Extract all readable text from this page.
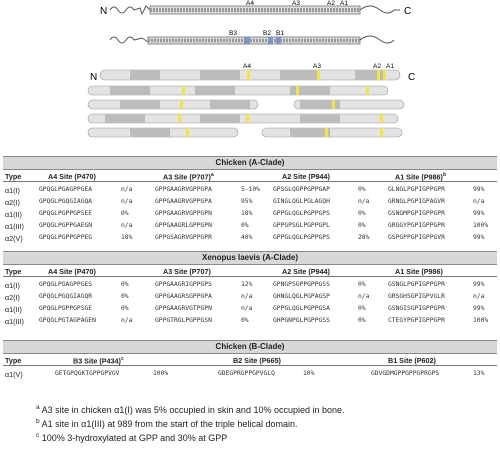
N	C
A4	A3	A2 A1
B3	B2 B1
N	C
A4	A3	A2 A1
Chicken (A-Clade)
Type	A4 Site (P470)	A3 Site $(P707)^a$	A2 Site (P944)	A1 Site $(P986)^b$
α1(I)	GPQGLPGAGPPGEA	n/a	GPPGAAGRVGPPGPA	5-10% GPSGLQGPPGPPGAP	0%	GLNGLPGPIGPPGPR	99%
α2(I)	GPQGLPGQGIAGQA	n/a	GPPGAAGRVGPPGPA	95%	GINGLQGLPGLAGQH	n/a	GRNGLPGPIGPAGVR	n/a
α1(II)	GPQGLPGPPGPSEE	0%	GPPGAAGRVGPPGPN	18%	GPPGLQGLPGPPGPS	0%	GSNGMPGPIGPPGPR	99%
α1(III) GPQGLPGPPGAEGN	n/a	GPPGAAGRLGPPGPN	0%	GPPGPSGLPGPPGPL	0%	GRGGYPGPIGPPGPR	100%
α2(V)	GPQGLPGPPGPPEG	18%	GPPGSAGRVGPPGPR	40%	GPPGLQGLPGPPGPS	28%	GSPGPPGPIGPPGVR	99%
Xenopus laevis (A-Clade)
Type	A4 Site (P470)	A3 Site (P707)	A2 Site (P944)	A1 Site (P986)
α1(I)	GPQGLPGAGPPGES	0%	GPPGAAGRIGPPGPS	12%	GPNGPSGPPGPPGSS	0%	GSNGLPGPIGPPGPR	99%
α2(I)	GPQGLPGQGIAGQR	0%	GPPGAAGRSGPPGPA	n/a	GHNGLQGLPGPAGSP	n/a	GRSGHSGPIGPVGLR	n/a
α1(II)	GPQGLPGPPGPSGE	0%	GPPGAAGRVGTPGPN	n/a	GPPGLQGLPGPPGSA	0%	GSNGISGPIGPPGPR	99%
α1(III) GPQGLPGTAGPAGEN	n/a	GPPGTRGLPGPPGSN	0%	GHPGNPGLPGPPGSS	0%	CTEGYPGPIGPPGPR	100%
Chicken (B-Clade)
Type	B3 Site $(P434)^c$	B2 Site (P665)	B1 Site (P602)
α1(V)	GETGPQGKTGPPGPVGV	100%	GDEGPRGPPGPVGLQ	10%	GDVGDMGPPGPPGPRGPS	13%
$^a$ A3 site in chicken α1(I) was 5% occupied in skin and 10% occupied in bone.
$^b$ A1 site in α1(III) at 989 from the start of the triple helical domain.
$^c$ 100% 3-hydroxylated at GPP and 30% at GPP
